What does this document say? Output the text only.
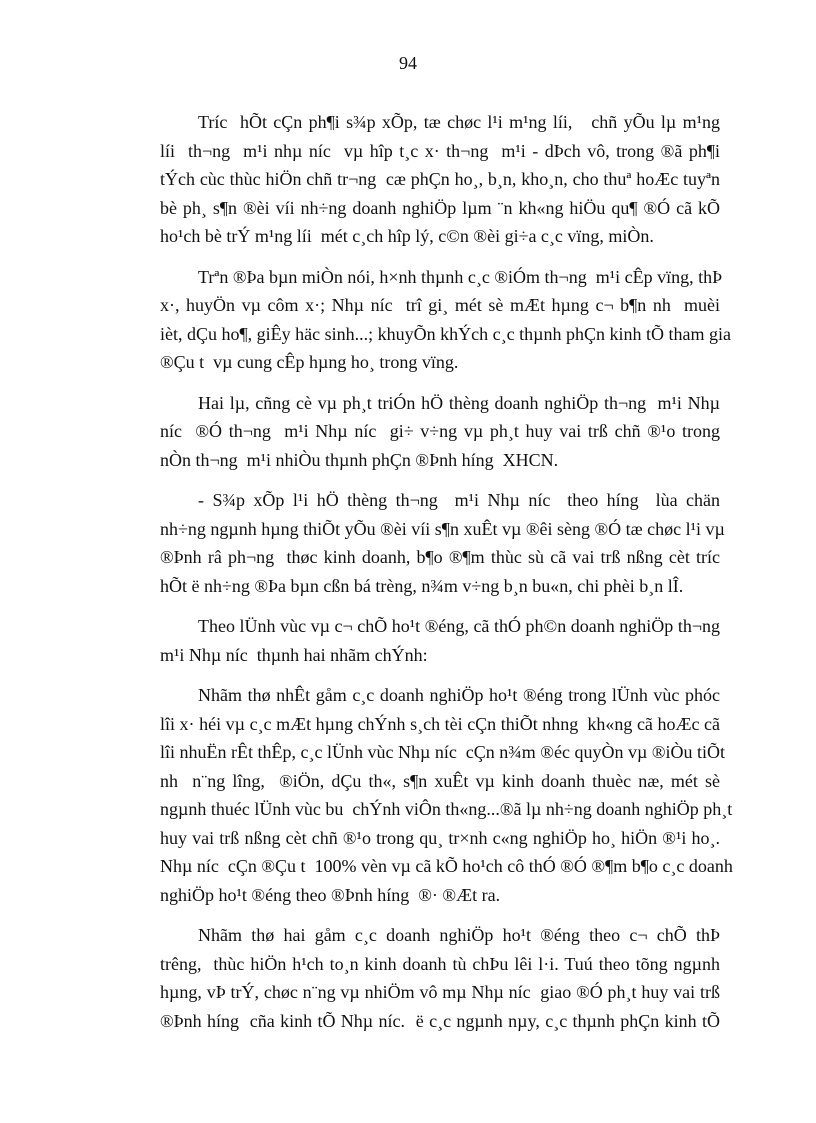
94
Tríc  hÕt cÇn ph¶i s¾p xÕp, tæ chøc l¹i m¹ng líi,   chñ yÕu lµ m¹ng
líi  th¬ng  m¹i nhµ níc  vµ hîp t¸c x· th¬ng  m¹i - dÞch vô, trong ®ã ph¶i
tÝch cùc thùc hiÖn chñ tr¬ng  cæ phÇn ho¸, b¸n, kho¸n, cho thuª hoÆc tuyªn
bè ph¸ s¶n ®èi víi nh÷ng doanh nghiÖp lµm ¨n kh«ng hiÖu qu¶ ®Ó cã kÕ
ho¹ch bè trÝ m¹ng líi  mét c¸ch hîp lý, c©n ®èi gi÷a c¸c vïng, miÒn.
Trªn ®Þa bµn miÒn nói, h×nh thµnh c¸c ®iÓm th¬ng  m¹i cÊp vïng, thÞ
x·, huyÖn vµ côm x·; Nhµ níc  trî gi¸ mét sè mÆt hµng c¬ b¶n nh  muèi
ièt, dÇu ho¶, giÊy häc sinh...; khuyÕn khÝch c¸c thµnh phÇn kinh tÕ tham gia
®Çu t  vµ cung cÊp hµng ho¸ trong vïng.
Hai lµ, cñng cè vµ ph¸t triÓn hÖ thèng doanh nghiÖp th¬ng  m¹i Nhµ
níc  ®Ó th¬ng  m¹i Nhµ níc  gi÷ v÷ng vµ ph¸t huy vai trß chñ ®¹o trong
nÒn th¬ng  m¹i nhiÒu thµnh phÇn ®Þnh híng  XHCN.
- S¾p xÕp l¹i hÖ thèng th¬ng  m¹i Nhµ níc  theo híng  lùa chän
nh÷ng ngµnh hµng thiÕt yÕu ®èi víi s¶n xuÊt vµ ®êi sèng ®Ó tæ chøc l¹i vµ
®Þnh râ ph¬ng  thøc kinh doanh, b¶o ®¶m thùc sù cã vai trß nßng cèt tríc
hÕt ë nh÷ng ®Þa bµn cßn bá trèng, n¾m v÷ng b¸n bu«n, chi phèi b¸n lÎ.
Theo lÜnh vùc vµ c¬ chÕ ho¹t ®éng, cã thÓ ph©n doanh nghiÖp th¬ng
m¹i Nhµ níc  thµnh hai nhãm chÝnh:
Nhãm thø nhÊt gåm c¸c doanh nghiÖp ho¹t ®éng trong lÜnh vùc phóc
lîi x· héi vµ c¸c mÆt hµng chÝnh s¸ch tèi cÇn thiÕt nhng  kh«ng cã hoÆc cã
lîi nhuËn rÊt thÊp, c¸c lÜnh vùc Nhµ níc  cÇn n¾m ®éc quyÒn vµ ®iÒu tiÕt
nh  n¨ng lîng,  ®iÖn, dÇu th«, s¶n xuÊt vµ kinh doanh thuèc næ, mét sè
ngµnh thuéc lÜnh vùc bu  chÝnh viÔn th«ng...®ã lµ nh÷ng doanh nghiÖp ph¸t
huy vai trß nßng cèt chñ ®¹o trong qu¸ tr×nh c«ng nghiÖp ho¸ hiÖn ®¹i ho¸.
Nhµ níc  cÇn ®Çu t  100% vèn vµ cã kÕ ho¹ch cô thÓ ®Ó ®¶m b¶o c¸c doanh
nghiÖp ho¹t ®éng theo ®Þnh híng  ®· ®Æt ra.
Nhãm thø hai gåm c¸c doanh nghiÖp ho¹t ®éng theo c¬ chÕ thÞ
trêng,  thùc hiÖn h¹ch to¸n kinh doanh tù chÞu lêi l·i. Tuú theo tõng ngµnh
hµng, vÞ trÝ, chøc n¨ng vµ nhiÖm vô mµ Nhµ níc  giao ®Ó ph¸t huy vai trß
®Þnh híng  cña kinh tÕ Nhµ níc.  ë c¸c ngµnh nµy, c¸c thµnh phÇn kinh tÕ
